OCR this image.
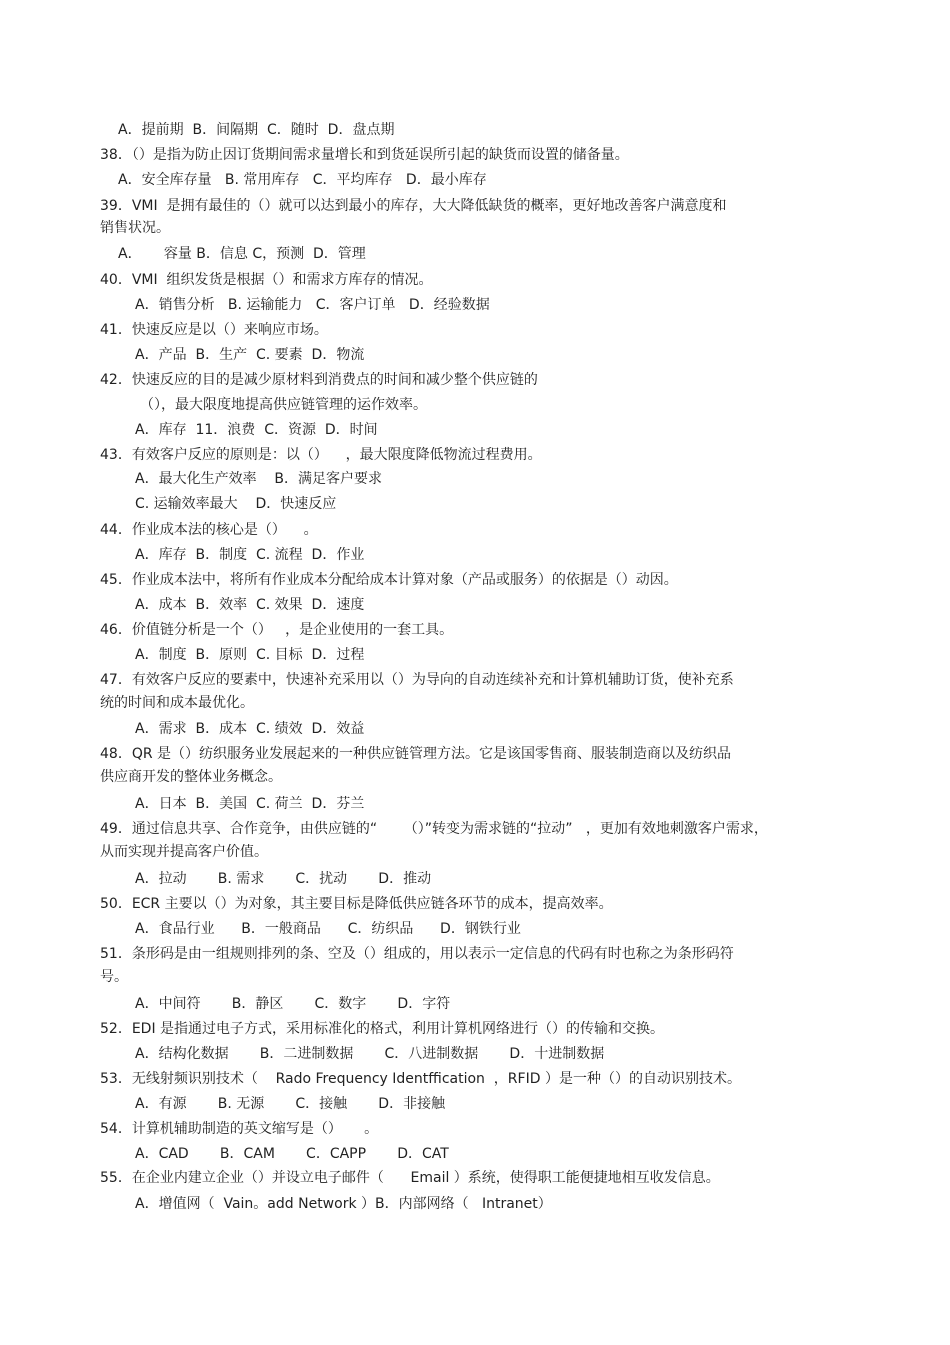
A．提前期  B．间隔期  C．随时  D．盘点期
38．（）是指为防止因订货期间需求量增长和到货延误所引起的缺货而设置的储备量。
A．安全库存量   B. 常用库存   C．平均库存   D．最小库存
39．VMI  是拥有最佳的（）就可以达到最小的库存，大大降低缺货的概率，更好地改善客户满意度和
销售状况。
A．     容量 B．信息 C，预测  D．管理
40．VMI  组织发货是根据（）和需求方库存的情况。
A．销售分析   B. 运输能力   C．客户订单   D．经验数据
41．快速反应是以（）来响应市场。
A．产品  B．生产  C. 要素  D．物流
42．快速反应的目的是减少原材料到消费点的时间和减少整个供应链的
（），最大限度地提高供应链管理的运作效率。
A．库存  11．浪费  C．资源  D．时间
43．有效客户反应的原则是：以（）    ，最大限度降低物流过程费用。
A．最大化生产效率    B．满足客户要求
C. 运输效率最大    D．快速反应
44．作业成本法的核心是（）    。
A．库存  B．制度  C. 流程  D．作业
45．作业成本法中，将所有作业成本分配给成本计算对象（产品或服务）的依据是（）动因。
A．成本  B．效率  C. 效果  D．速度
46．价值链分析是一个（）   ，是企业使用的一套工具。
A．制度  B．原则  C. 目标  D．过程
47．有效客户反应的要素中，快速补充采用以（）为导向的自动连续补充和计算机辅助订货，使补充系
统的时间和成本最优化。
A．需求  B．成本  C. 绩效  D．效益
48．QR 是（）纺织服务业发展起来的一种供应链管理方法。它是该国零售商、服装制造商以及纺织品
供应商开发的整体业务概念。
A．日本  B．美国  C. 荷兰  D．芬兰
49．通过信息共享、合作竞争，由供应链的“      （）”转变为需求链的“拉动”   ，更加有效地刺激客户需求，
从而实现并提高客户价值。
A．拉动       B. 需求       C．扰动       D．推动
50．ECR 主要以（）为对象，其主要目标是降低供应链各环节的成本，提高效率。
A．食品行业      B．一般商品      C．纺织品      D．钢铁行业
51．条形码是由一组规则排列的条、空及（）组成的，用以表示一定信息的代码有时也称之为条形码符
号。
A．中间符       B．静区       C．数字       D．字符
52．EDI 是指通过电子方式，采用标准化的格式，利用计算机网络进行（）的传输和交换。
A．结构化数据       B．二进制数据       C．八进制数据       D．十进制数据
53．无线射频识别技术（    Rado Frequency Identffication  ，RFID ）是一种（）的自动识别技术。
A．有源       B. 无源       C．接触       D．非接触
54．计算机辅助制造的英文缩写是（）     。
A．CAD       B．CAM       C．CAPP       D．CAT
55．在企业内建立企业（）并设立电子邮件（      Email ）系统，使得职工能便捷地相互收发信息。
A．增值网（  Vain。add Network ）B．内部网络（   Intranet）
